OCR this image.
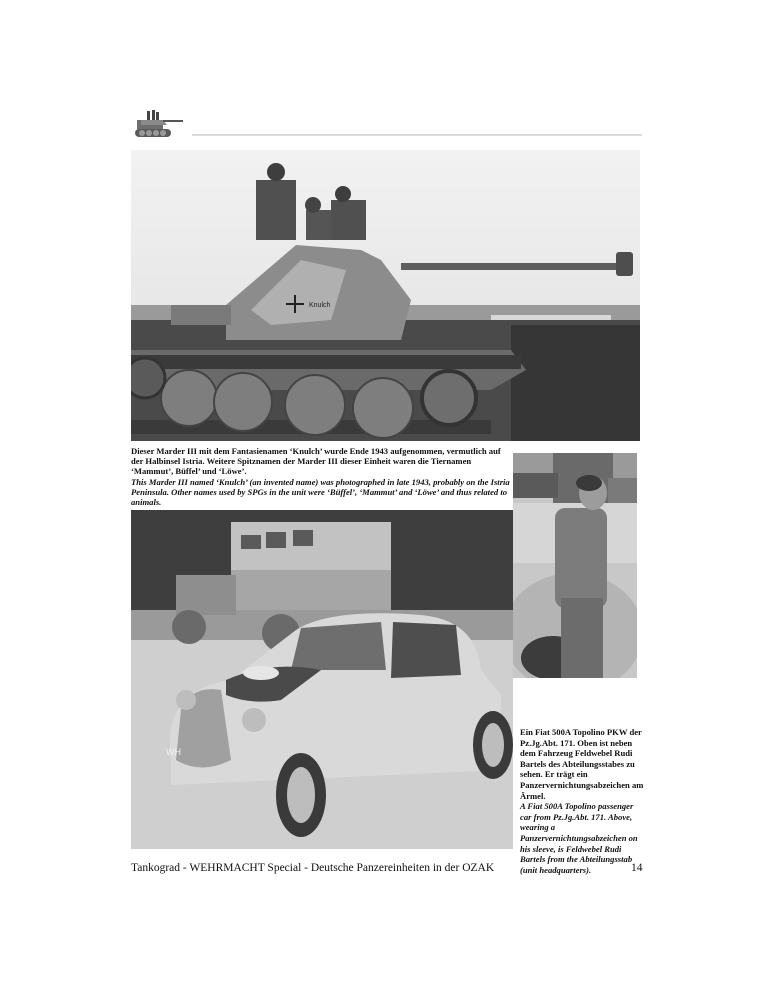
Knulch
Dieser Marder III mit dem Fantasienamen ‘Knulch’ wurde Ende 1943 aufgenommen, vermutlich auf der Halbinsel Istria. Weitere Spitznamen der Marder III dieser Einheit waren die Tiernamen ‘Mammut’, Büffel’ und ‘Löwe’.
This Marder III named ‘Knulch’ (an invented name) was photographed in late 1943, probably on the Istria Peninsula. Other names used by SPGs in the unit were ‘Büffel’, ‘Mammut’ and ‘Löwe’ and thus related to animals.
WH
Ein Fiat 500A Topolino PKW der Pz.Jg.Abt. 171. Oben ist neben dem Fahrzeug Feldwebel Rudi Bartels des Abteilungsstabes zu sehen. Er trägt ein Panzervernichtungsabzeichen am Ärmel.
A Fiat 500A Topolino passenger car from Pz.Jg.Abt. 171. Above, wearing a Panzervernichtungsabzeichen on his sleeve, is Feldwebel Rudi Bartels from the Abteilungsstab (unit headquarters).
Tankograd - WEHRMACHT Special - Deutsche Panzereinheiten in der OZAK	14
